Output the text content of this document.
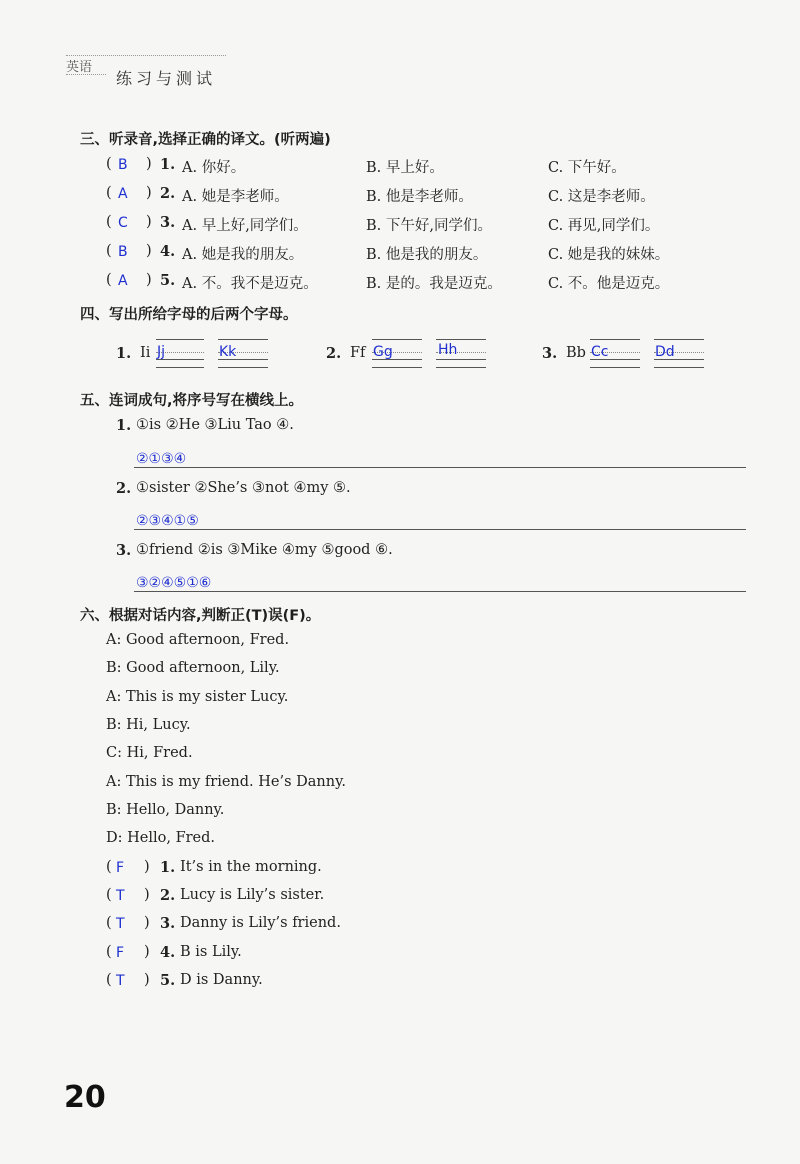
英语
练习与测试
三、听录音,选择正确的译文。(听两遍)
( B ) 1. A. 你好。	B. 早上好。	C. 下午好。
( A ) 2. A. 她是李老师。	B. 他是李老师。	C. 这是李老师。
( C ) 3. A. 早上好,同学们。	B. 下午好,同学们。	C. 再见,同学们。
( B ) 4. A. 她是我的朋友。	B. 他是我的朋友。	C. 她是我的妹妹。
( A ) 5. A. 不。我不是迈克。	B. 是的。我是迈克。	C. 不。他是迈克。
四、写出所给字母的后两个字母。
1. Ii Jj	Kk	2. Ff Gg	Hh	3. Bb Cc	Dd
五、连词成句,将序号写在横线上。
1. ①is ②He ③Liu Tao ④.
②①③④
2. ①sister ②She’s ③not ④my ⑤.
②③④①⑤
3. ①friend ②is ③Mike ④my ⑤good ⑥.
③②④⑤①⑥
六、根据对话内容,判断正(T)误(F)。
A: Good afternoon, Fred.
B: Good afternoon, Lily.
A: This is my sister Lucy.
B: Hi, Lucy.
C: Hi, Fred.
A: This is my friend. He’s Danny.
B: Hello, Danny.
D: Hello, Fred.
( F ) 1. It’s in the morning.
( T ) 2. Lucy is Lily’s sister.
( T ) 3. Danny is Lily’s friend.
( F ) 4. B is Lily.
( T ) 5. D is Danny.
20
